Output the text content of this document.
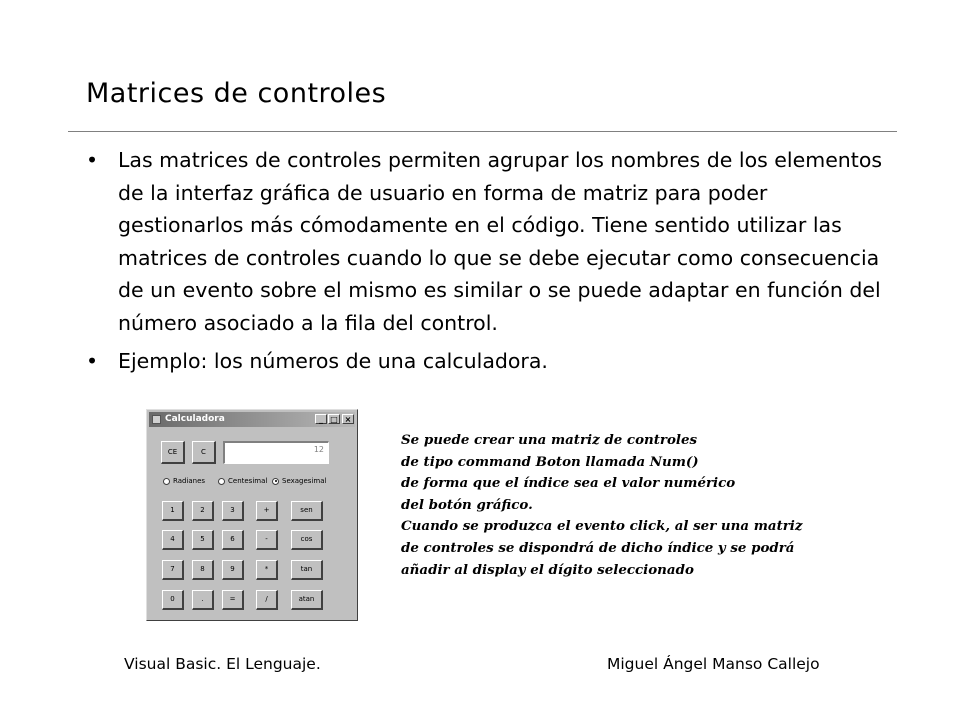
Matrices de controles
• Las matrices de controles permiten agrupar los nombres de los elementos de la interfaz gráfica de usuario en forma de matriz para poder gestionarlos más cómodamente en el código. Tiene sentido utilizar las matrices de controles cuando lo que se debe ejecutar como consecuencia de un evento sobre el mismo es similar o se puede adaptar en función del número asociado a la fila del control.
• Ejemplo: los números de una calculadora.
Calculadora	_ □ ×
CE	C	12
Radianes	Centesimal	Sexagesimal
1	2	3	+	sen
4	5	6	-	cos
7	8	9	*	tan
0	.	=	/	atan
Se puede crear una matriz de controles
de tipo command Boton llamada Num()
de forma que el índice sea el valor numérico
del botón gráfico.
Cuando se produzca el evento click, al ser una matriz
de controles se dispondrá de dicho índice y se podrá
añadir al display el dígito seleccionado
Visual Basic. El Lenguaje.	Miguel Ángel Manso Callejo
